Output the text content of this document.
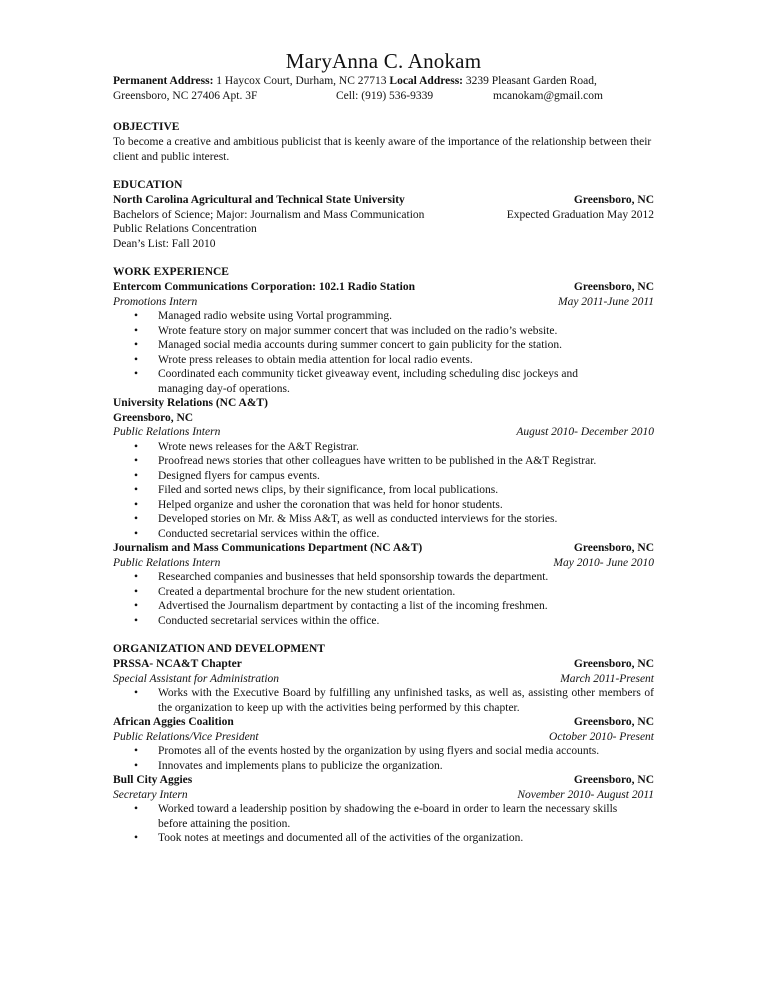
MaryAnna C. Anokam
Permanent Address: 1 Haycox Court, Durham, NC 27713 Local Address: 3239 Pleasant Garden Road,
Greensboro, NC 27406 Apt. 3F	Cell: (919) 536-9339	mcanokam@gmail.com
OBJECTIVE
To become a creative and ambitious publicist that is keenly aware of the importance of the relationship between their client and public interest.
EDUCATION
North Carolina Agricultural and Technical State University	Greensboro, NC
Bachelors of Science; Major: Journalism and Mass Communication	Expected Graduation May 2012
Public Relations Concentration
Dean’s List: Fall 2010
WORK EXPERIENCE
Entercom Communications Corporation: 102.1 Radio Station	Greensboro, NC
Promotions Intern	May 2011-June 2011
• Managed radio website using Vortal programming.
• Wrote feature story on major summer concert that was included on the radio’s website.
• Managed social media accounts during summer concert to gain publicity for the station.
• Wrote press releases to obtain media attention for local radio events.
• Coordinated each community ticket giveaway event, including scheduling disc jockeys and managing day-of operations.
University Relations (NC A&T)
Greensboro, NC
Public Relations Intern	August 2010- December 2010
• Wrote news releases for the A&T Registrar.
• Proofread news stories that other colleagues have written to be published in the A&T Registrar.
• Designed flyers for campus events.
• Filed and sorted news clips, by their significance, from local publications.
• Helped organize and usher the coronation that was held for honor students.
• Developed stories on Mr. & Miss A&T, as well as conducted interviews for the stories.
• Conducted secretarial services within the office.
Journalism and Mass Communications Department (NC A&T)	Greensboro, NC
Public Relations Intern	May 2010- June 2010
• Researched companies and businesses that held sponsorship towards the department.
• Created a departmental brochure for the new student orientation.
• Advertised the Journalism department by contacting a list of the incoming freshmen.
• Conducted secretarial services within the office.
ORGANIZATION AND DEVELOPMENT
PRSSA- NCA&T Chapter	Greensboro, NC
Special Assistant for Administration	March 2011-Present
• Works with the Executive Board by fulfilling any unfinished tasks, as well as, assisting other members of the organization to keep up with the activities being performed by this chapter.
African Aggies Coalition	Greensboro, NC
Public Relations/Vice President	October 2010- Present
• Promotes all of the events hosted by the organization by using flyers and social media accounts.
• Innovates and implements plans to publicize the organization.
Bull City Aggies	Greensboro, NC
Secretary Intern	November 2010- August 2011
• Worked toward a leadership position by shadowing the e-board in order to learn the necessary skills before attaining the position.
• Took notes at meetings and documented all of the activities of the organization.
